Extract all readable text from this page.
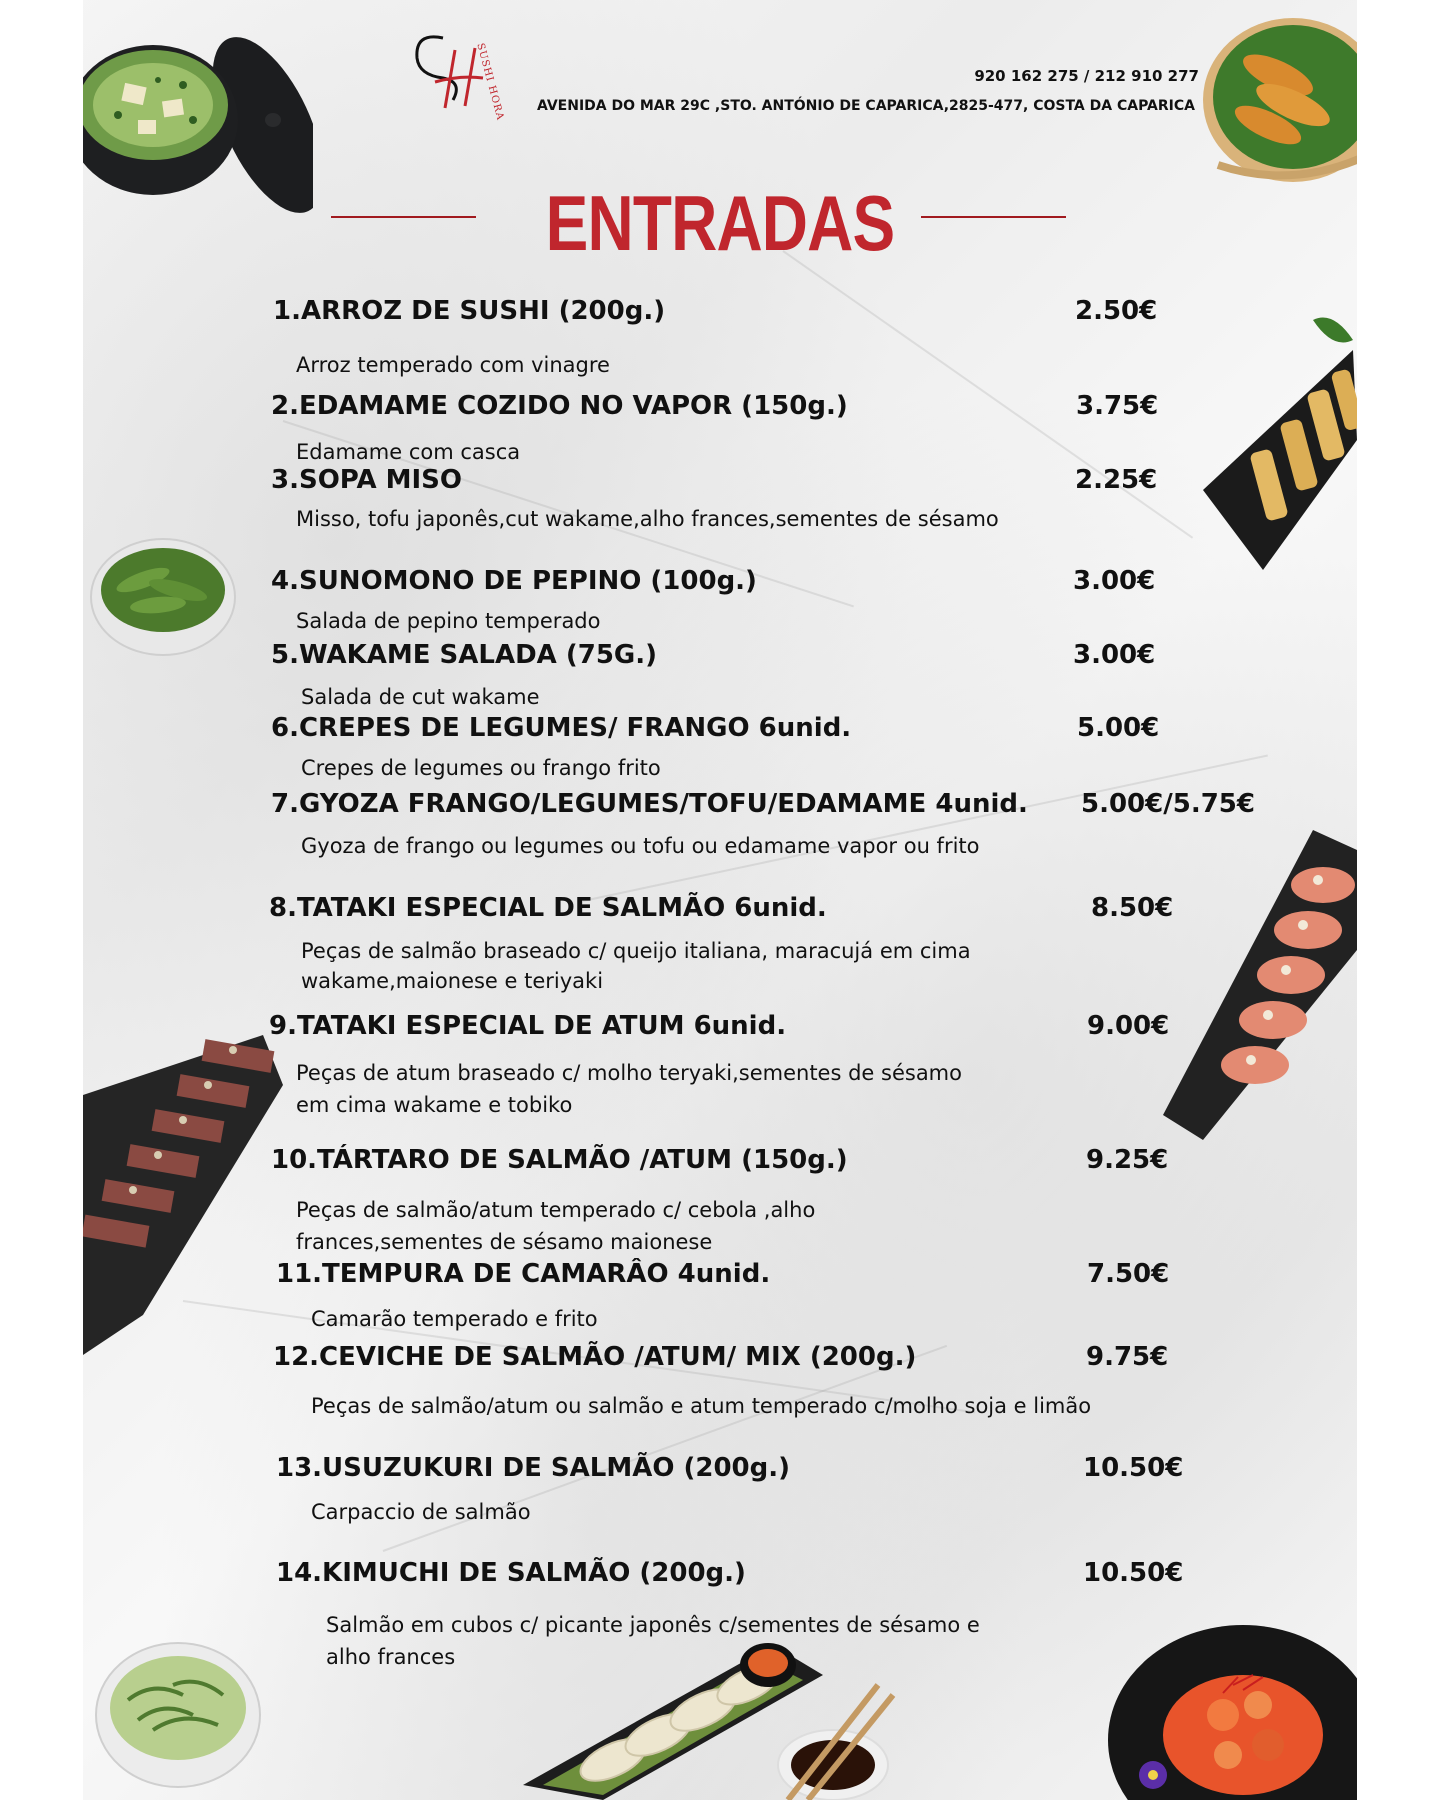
SUSHI HORA	920 162 275 / 212 910 277
AVENIDA DO MAR 29C ,STO. ANTÓNIO DE CAPARICA,2825-477, COSTA DA CAPARICA
ENTRADAS
1.ARROZ DE SUSHI (200g.)	2.50€
Arroz temperado com vinagre
2.EDAMAME COZIDO NO VAPOR (150g.)	3.75€
Edamame com casca
3.SOPA MISO	2.25€
Misso, tofu japonês,cut wakame,alho frances,sementes de sésamo
4.SUNOMONO DE PEPINO (100g.)	3.00€
Salada de pepino temperado
5.WAKAME SALADA (75G.)	3.00€
Salada de cut wakame
6.CREPES DE LEGUMES/ FRANGO 6unid.	5.00€
Crepes de legumes ou frango frito
7.GYOZA FRANGO/LEGUMES/TOFU/EDAMAME 4unid. 5.00€/5.75€
Gyoza de frango ou legumes ou tofu ou edamame vapor ou frito
8.TATAKI ESPECIAL DE SALMÃO 6unid.	8.50€
Peças de salmão braseado c/ queijo italiana, maracujá em cima
wakame,maionese e teriyaki
9.TATAKI ESPECIAL DE ATUM 6unid.	9.00€
Peças de atum braseado c/ molho teryaki,sementes de sésamo
em cima wakame e tobiko
10.TÁRTARO DE SALMÃO /ATUM (150g.)	9.25€
Peças de salmão/atum temperado c/ cebola ,alho
frances,sementes de sésamo maionese
11.TEMPURA DE CAMARÂO 4unid.	7.50€
Camarão temperado e frito
12.CEVICHE DE SALMÃO /ATUM/ MIX (200g.)	9.75€
Peças de salmão/atum ou salmão e atum temperado c/molho soja e limão
13.USUZUKURI DE SALMÃO (200g.)	10.50€
Carpaccio de salmão
14.KIMUCHI DE SALMÃO (200g.)	10.50€
Salmão em cubos c/ picante japonês c/sementes de sésamo e
alho frances
